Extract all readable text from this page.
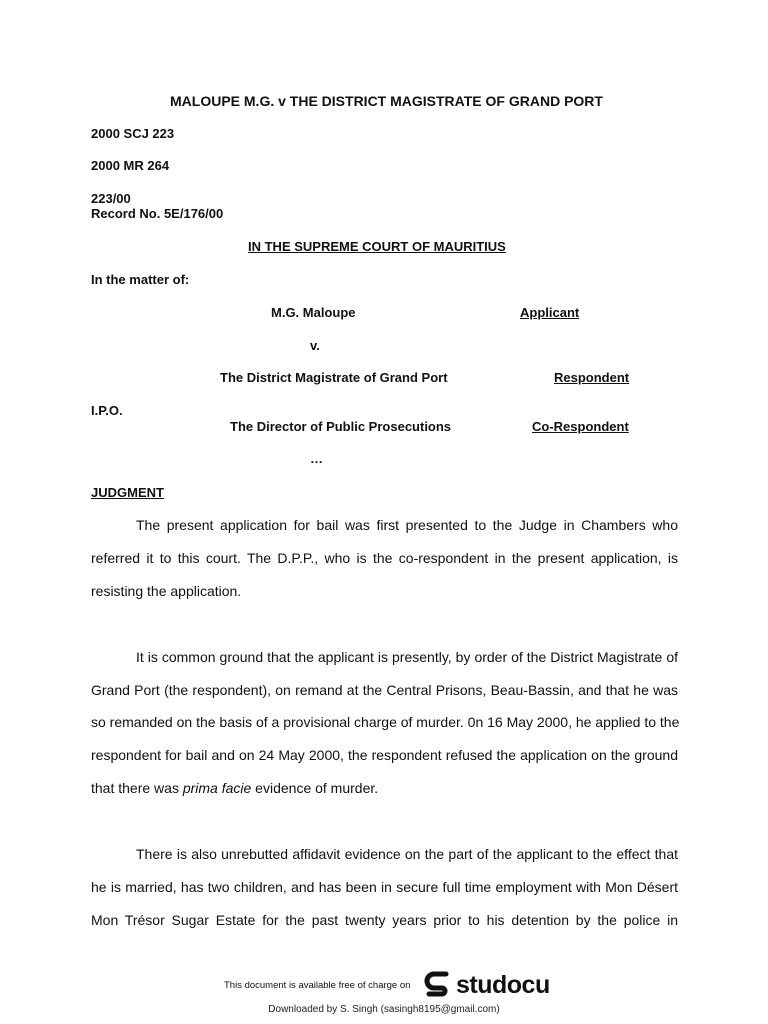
MALOUPE M.G. v THE DISTRICT MAGISTRATE OF GRAND PORT
2000 SCJ 223
2000 MR 264
223/00
Record No. 5E/176/00
IN THE SUPREME COURT OF MAURITIUS
In the matter of:
M.G. Maloupe	Applicant
v.
The District Magistrate of Grand Port	Respondent
I.P.O.
The Director of Public Prosecutions	Co-Respondent
…
JUDGMENT
The present application for bail was first presented to the Judge in Chambers who
referred it to this court. The D.P.P., who is the co-respondent in the present application, is
resisting the application.
It is common ground that the applicant is presently, by order of the District Magistrate of
Grand Port (the respondent), on remand at the Central Prisons, Beau-Bassin, and that he was
so remanded on the basis of a provisional charge of murder. 0n 16 May 2000, he applied to the
respondent for bail and on 24 May 2000, the respondent refused the application on the ground
that there was prima facie evidence of murder.
There is also unrebutted affidavit evidence on the part of the applicant to the effect that
he is married, has two children, and has been in secure full time employment with Mon Désert
Mon Trésor Sugar Estate for the past twenty years prior to his detention by the police in
This document is available free of charge on studocu
Downloaded by S. Singh (sasingh8195@gmail.com)
